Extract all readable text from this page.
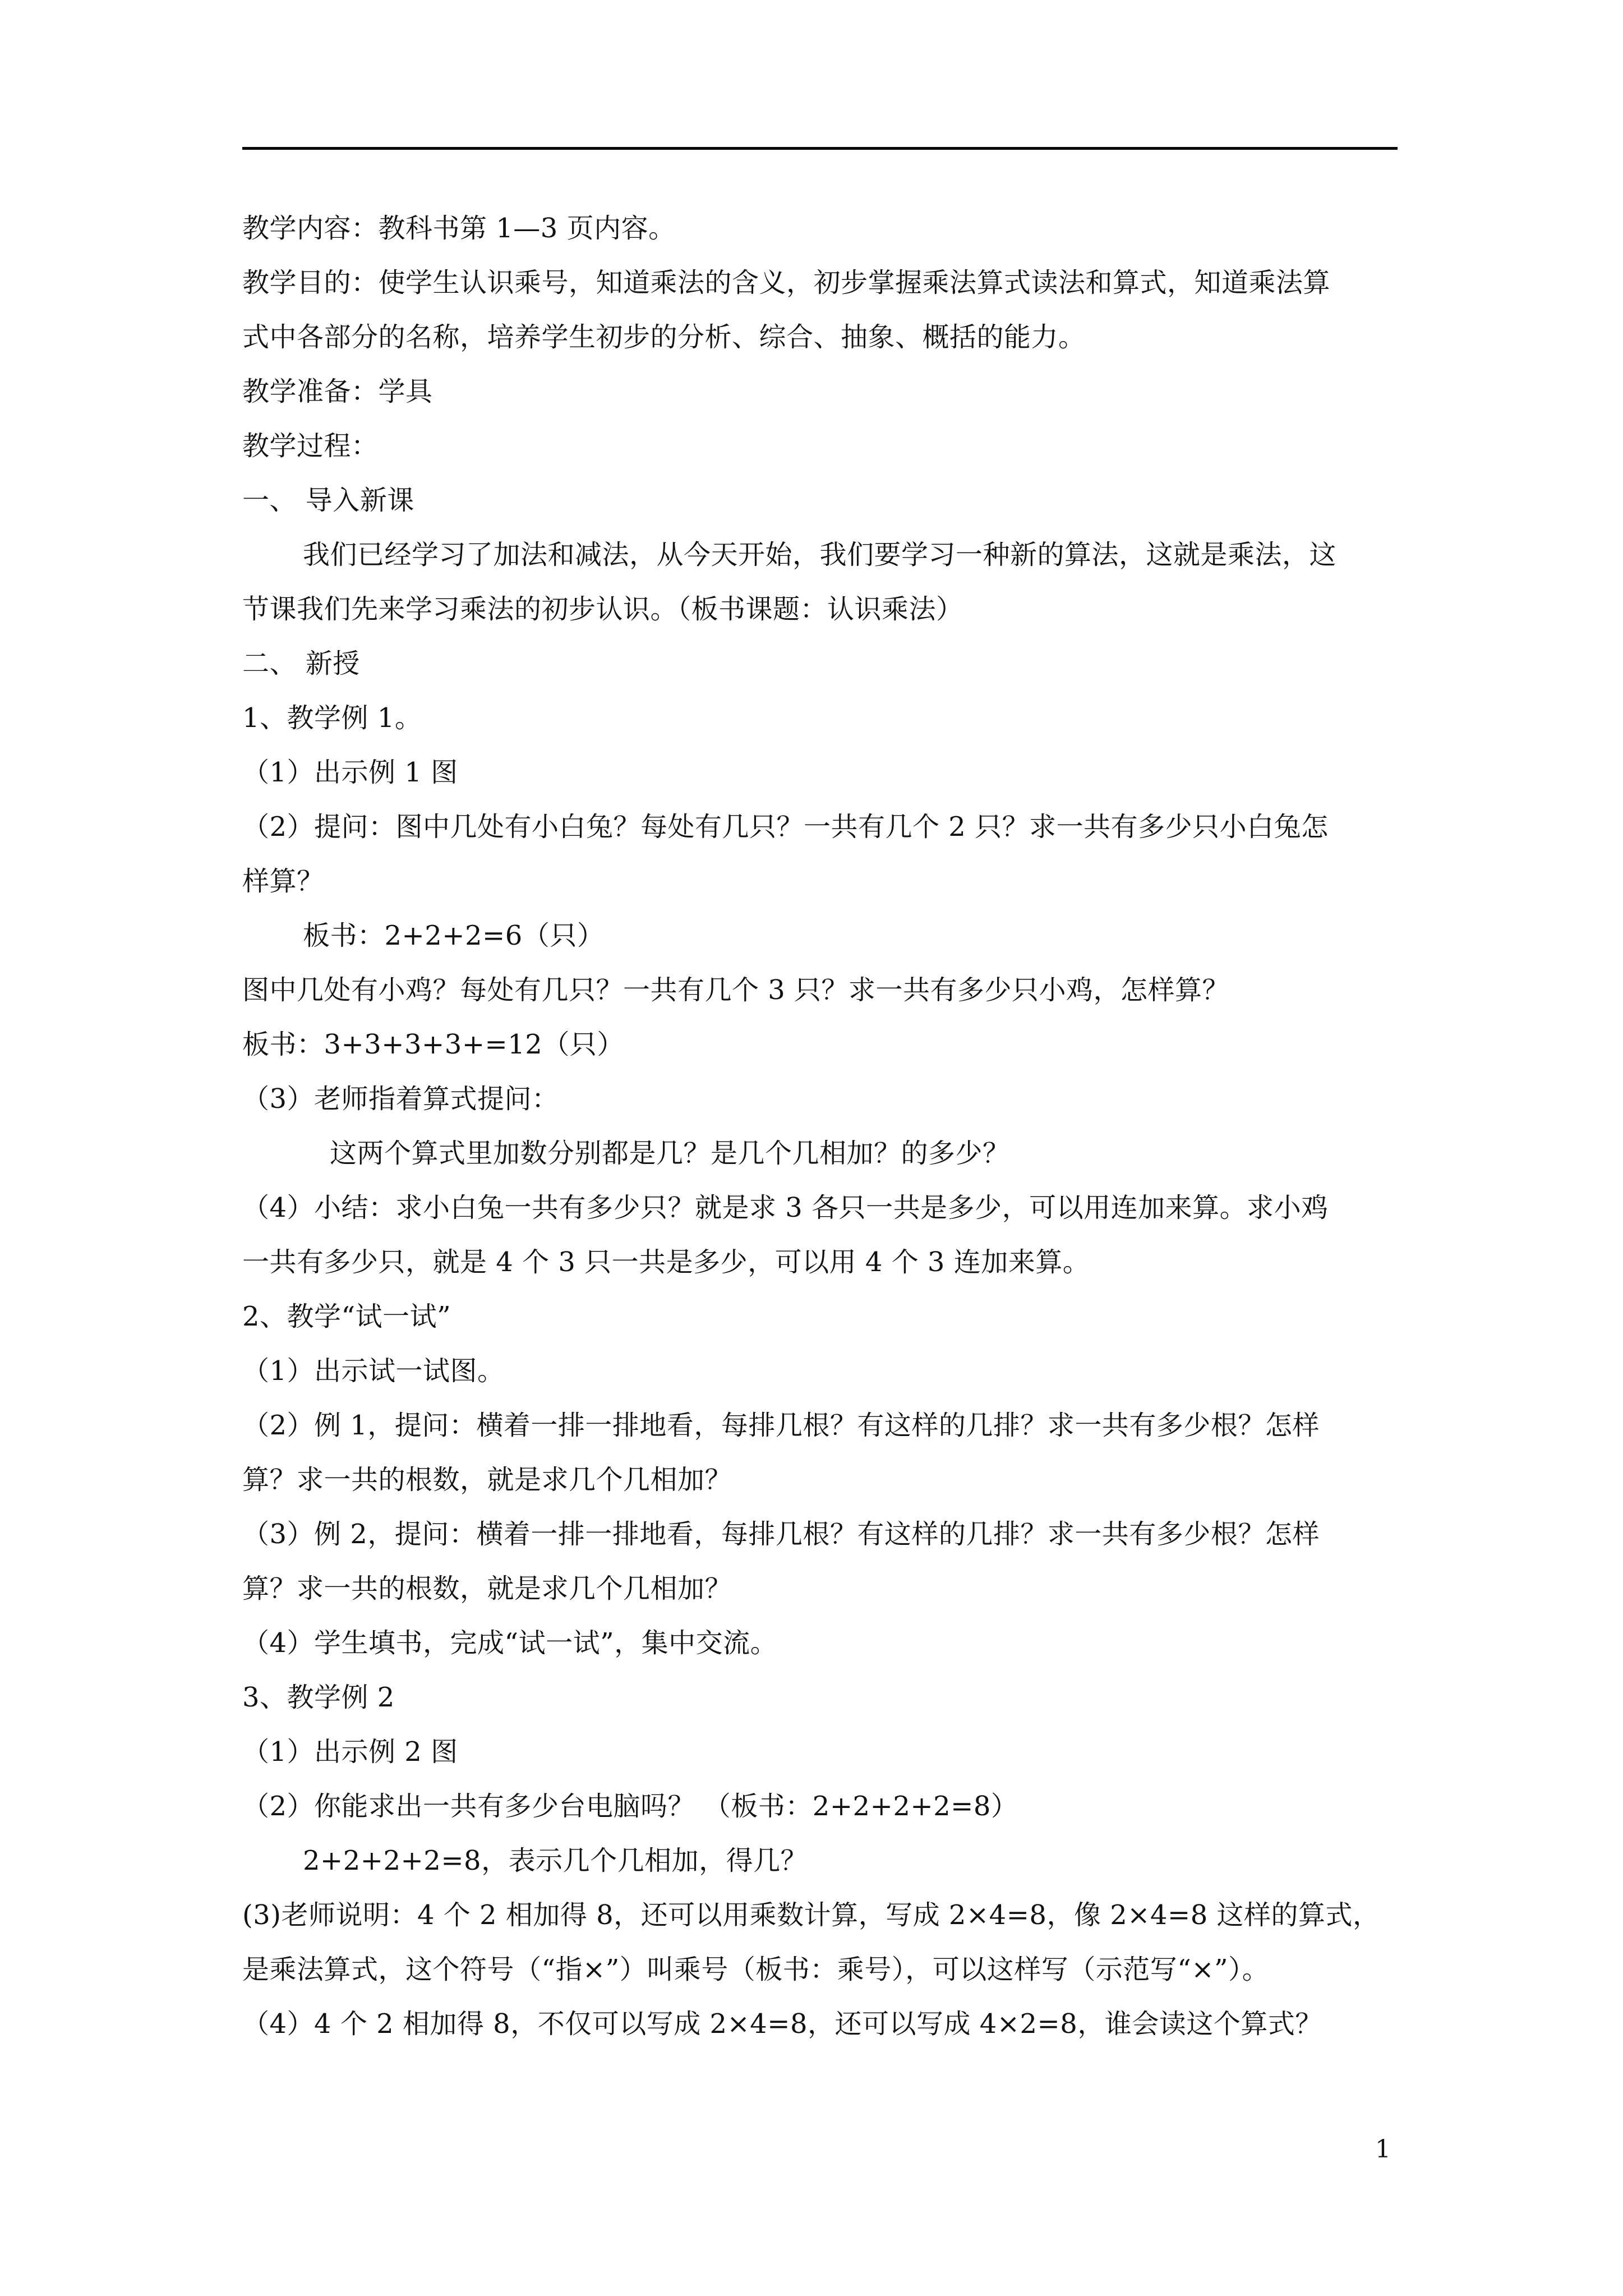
教学内容：教科书第 1—3 页内容。
教学目的：使学生认识乘号，知道乘法的含义，初步掌握乘法算式读法和算式，知道乘法算
式中各部分的名称，培养学生初步的分析、综合、抽象、概括的能力。
教学准备：学具
教学过程：
一、 导入新课
我们已经学习了加法和减法，从今天开始，我们要学习一种新的算法，这就是乘法，这
节课我们先来学习乘法的初步认识。（板书课题：认识乘法）
二、 新授
1、教学例 1。
（1）出示例 1 图
（2）提问：图中几处有小白兔？每处有几只？一共有几个 2 只？求一共有多少只小白兔怎
样算？
板书：2+2+2=6（只）
图中几处有小鸡？每处有几只？一共有几个 3 只？求一共有多少只小鸡，怎样算？
板书：3+3+3+3+=12（只）
（3）老师指着算式提问：
这两个算式里加数分别都是几？是几个几相加？的多少？
（4）小结：求小白兔一共有多少只？就是求 3 各只一共是多少，可以用连加来算。求小鸡
一共有多少只，就是 4 个 3 只一共是多少，可以用 4 个 3 连加来算。
2、教学“试一试”
（1）出示试一试图。
（2）例 1，提问：横着一排一排地看，每排几根？有这样的几排？求一共有多少根？怎样
算？求一共的根数，就是求几个几相加？
（3）例 2，提问：横着一排一排地看，每排几根？有这样的几排？求一共有多少根？怎样
算？求一共的根数，就是求几个几相加？
（4）学生填书，完成“试一试”，集中交流。
3、教学例 2
（1）出示例 2 图
（2）你能求出一共有多少台电脑吗？ （板书：2+2+2+2=8）
2+2+2+2=8，表示几个几相加，得几？
(3)老师说明：4 个 2 相加得 8，还可以用乘数计算，写成 2×4=8，像 2×4=8 这样的算式，
是乘法算式，这个符号（“指×”）叫乘号（板书：乘号），可以这样写（示范写“×”）。
（4）4 个 2 相加得 8，不仅可以写成 2×4=8，还可以写成 4×2=8，谁会读这个算式？
1
